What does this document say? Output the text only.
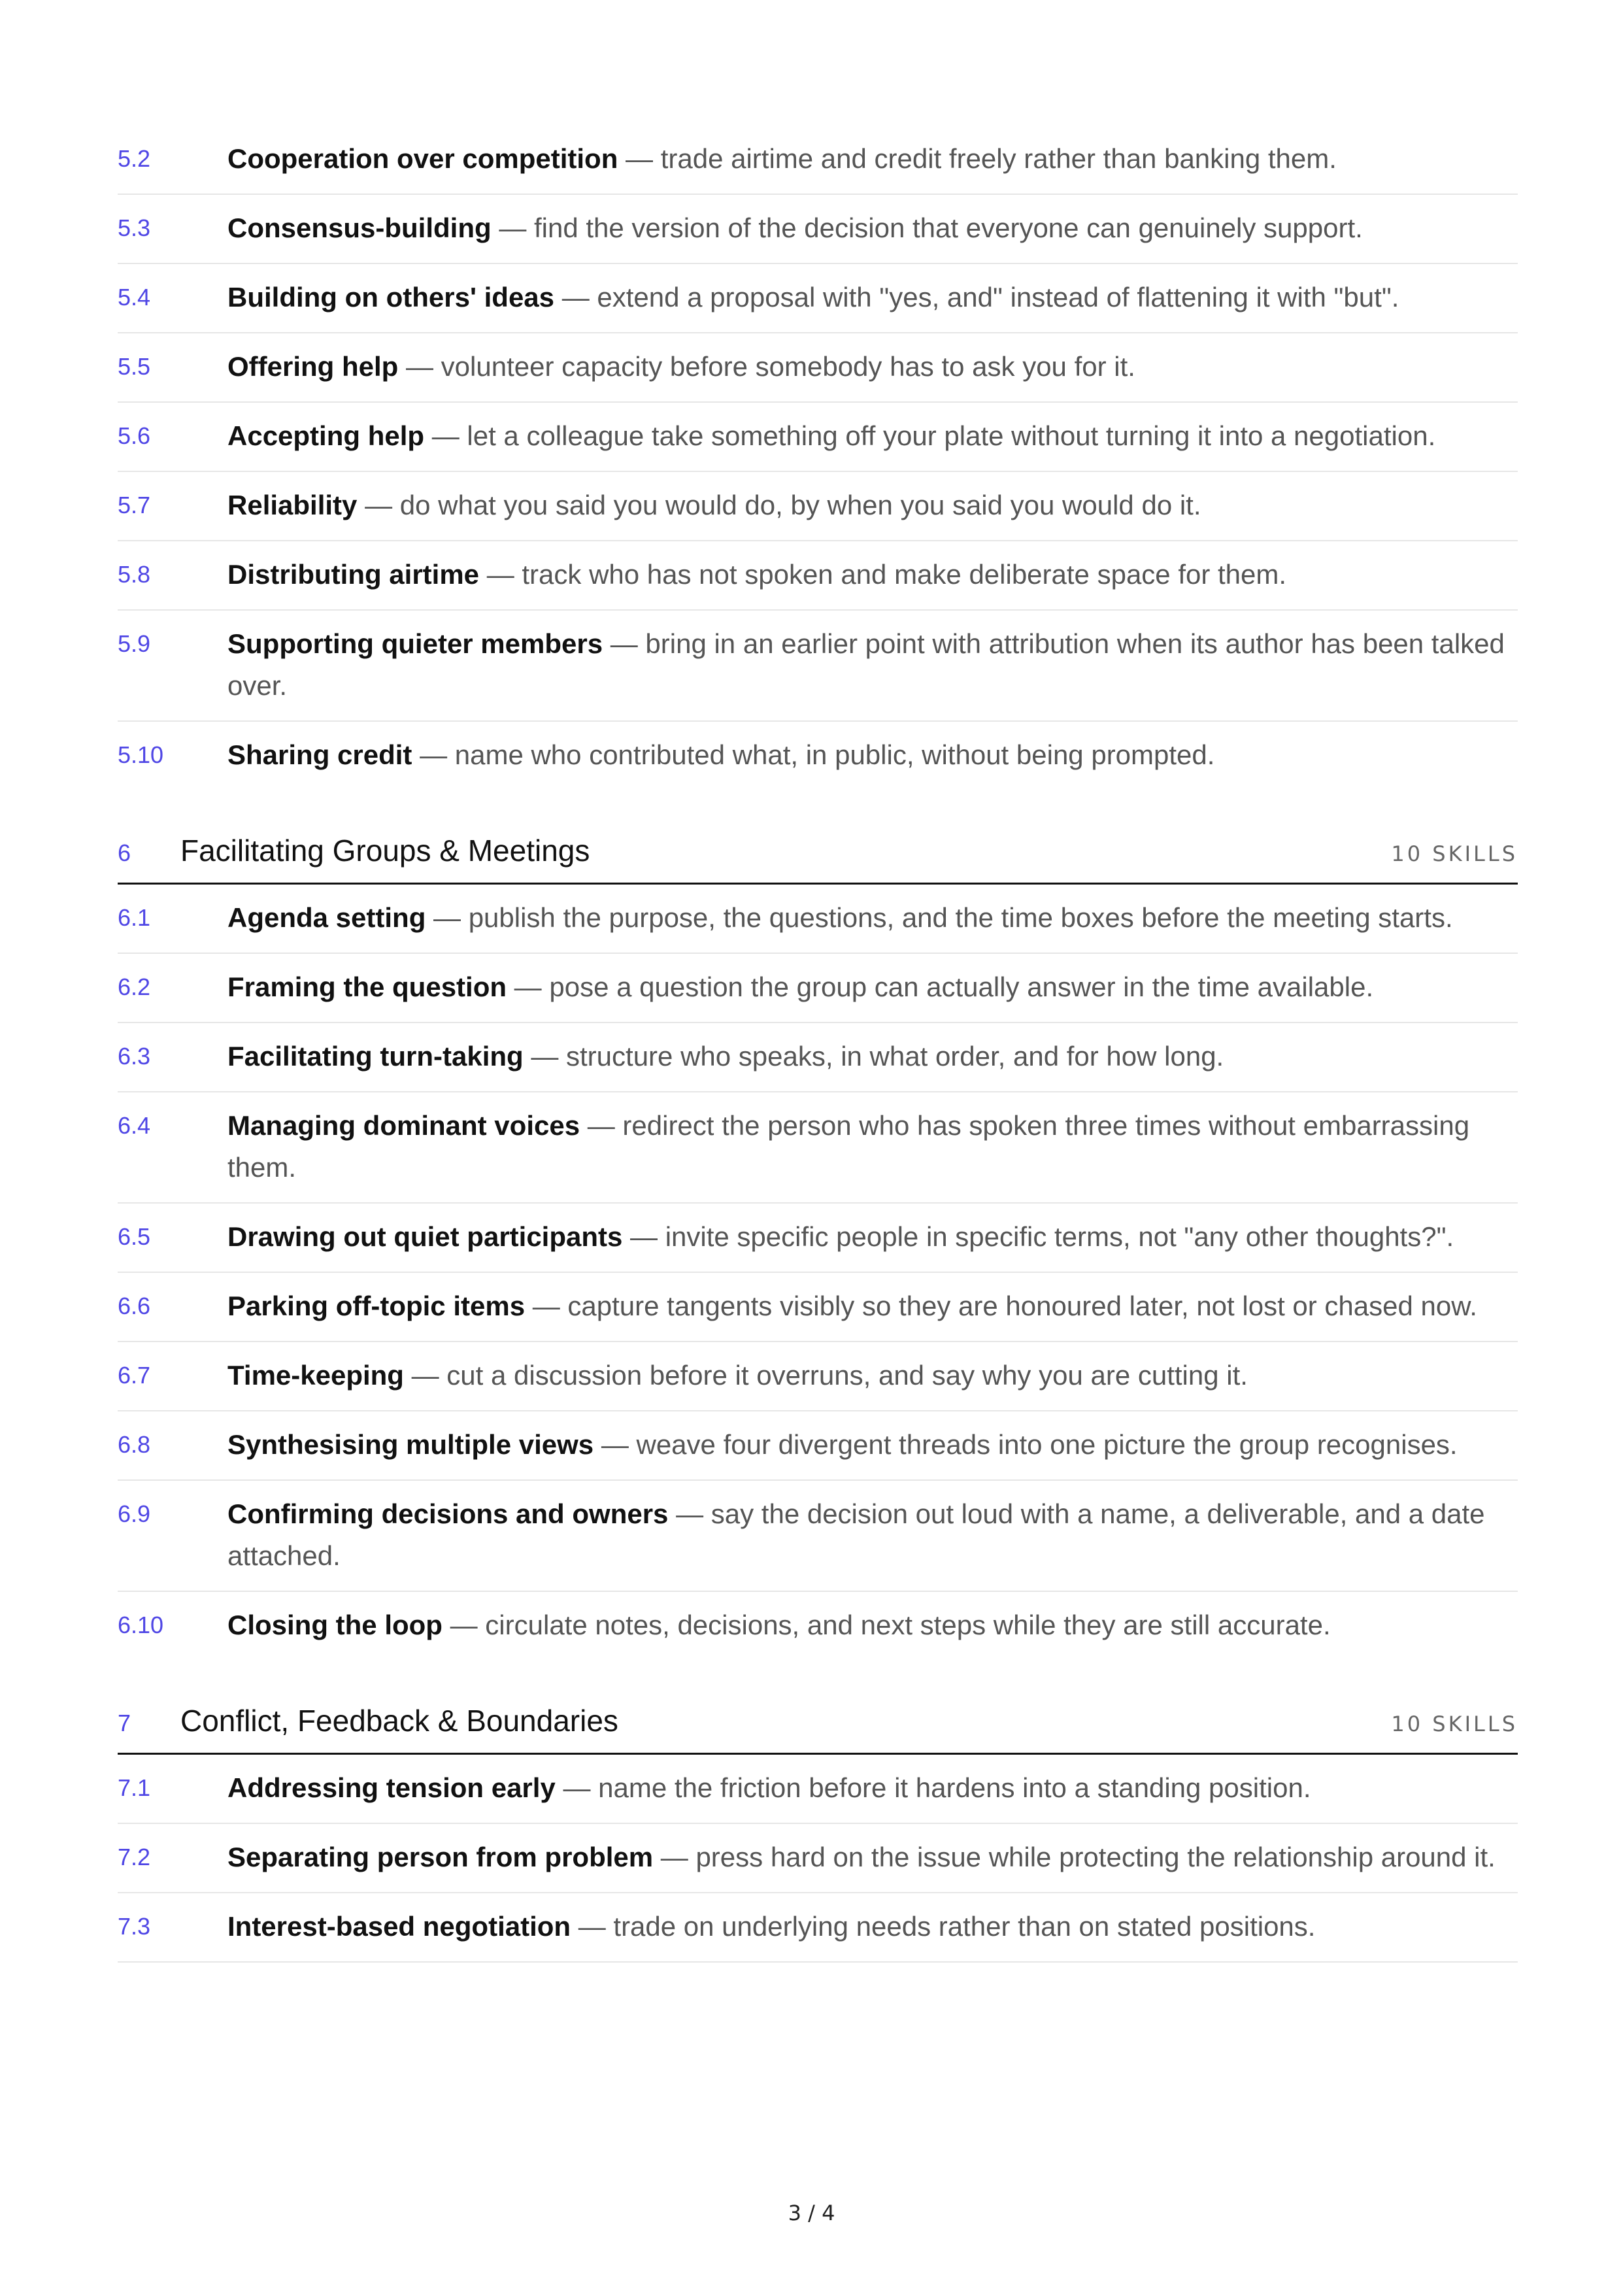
5.2	Cooperation over competition — trade airtime and credit freely rather than banking them.
5.3	Consensus-building — find the version of the decision that everyone can genuinely support.
5.4	Building on others' ideas — extend a proposal with "yes, and" instead of flattening it with "but".
5.5	Offering help — volunteer capacity before somebody has to ask you for it.
5.6	Accepting help — let a colleague take something off your plate without turning it into a negotiation.
5.7	Reliability — do what you said you would do, by when you said you would do it.
5.8	Distributing airtime — track who has not spoken and make deliberate space for them.
5.9	Supporting quieter members — bring in an earlier point with attribution when its author has been talked over.
5.10	Sharing credit — name who contributed what, in public, without being prompted.
6	Facilitating Groups & Meetings	10 SKILLS
6.1	Agenda setting — publish the purpose, the questions, and the time boxes before the meeting starts.
6.2	Framing the question — pose a question the group can actually answer in the time available.
6.3	Facilitating turn-taking — structure who speaks, in what order, and for how long.
6.4	Managing dominant voices — redirect the person who has spoken three times without embarrassing them.
6.5	Drawing out quiet participants — invite specific people in specific terms, not "any other thoughts?".
6.6	Parking off-topic items — capture tangents visibly so they are honoured later, not lost or chased now.
6.7	Time-keeping — cut a discussion before it overruns, and say why you are cutting it.
6.8	Synthesising multiple views — weave four divergent threads into one picture the group recognises.
6.9	Confirming decisions and owners — say the decision out loud with a name, a deliverable, and a date attached.
6.10	Closing the loop — circulate notes, decisions, and next steps while they are still accurate.
7	Conflict, Feedback & Boundaries	10 SKILLS
7.1	Addressing tension early — name the friction before it hardens into a standing position.
7.2	Separating person from problem — press hard on the issue while protecting the relationship around it.
7.3	Interest-based negotiation — trade on underlying needs rather than on stated positions.
3 / 4
